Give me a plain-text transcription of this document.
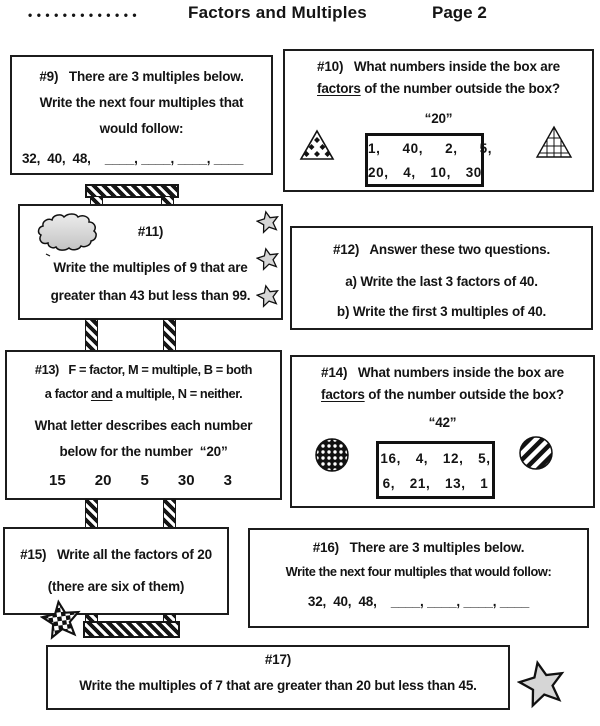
•••••••••••••	Factors and Multiples	Page 2
#9)   There are 3 multiples below.
Write the next four multiples that
would follow:
32,  40,  48,    ____, ____, ____, ____
#10)   What numbers inside the box are
factors of the number outside the box?
“20”
1,   40,   2,   5,
20,  4,  10,  30
#11)
Write the multiples of 9 that are
greater than 43 but less than 99.
#12)   Answer these two questions.
a) Write the last 3 factors of 40.
b) Write the first 3 multiples of 40.
#13)   F = factor, M = multiple, B = both
a factor and a multiple, N = neither.
What letter describes each number
below for the number  “20”
15 20 5 30 3
#14)   What numbers inside the box are
factors of the number outside the box?
“42”
16,  4,  12,  5,
6,  21,  13,  1
#15)   Write all the factors of 20
(there are six of them)
#16)   There are 3 multiples below.
Write the next four multiples that would follow:
32,  40,  48,    ____, ____, ____, ____
#17)
Write the multiples of 7 that are greater than 20 but less than 45.
